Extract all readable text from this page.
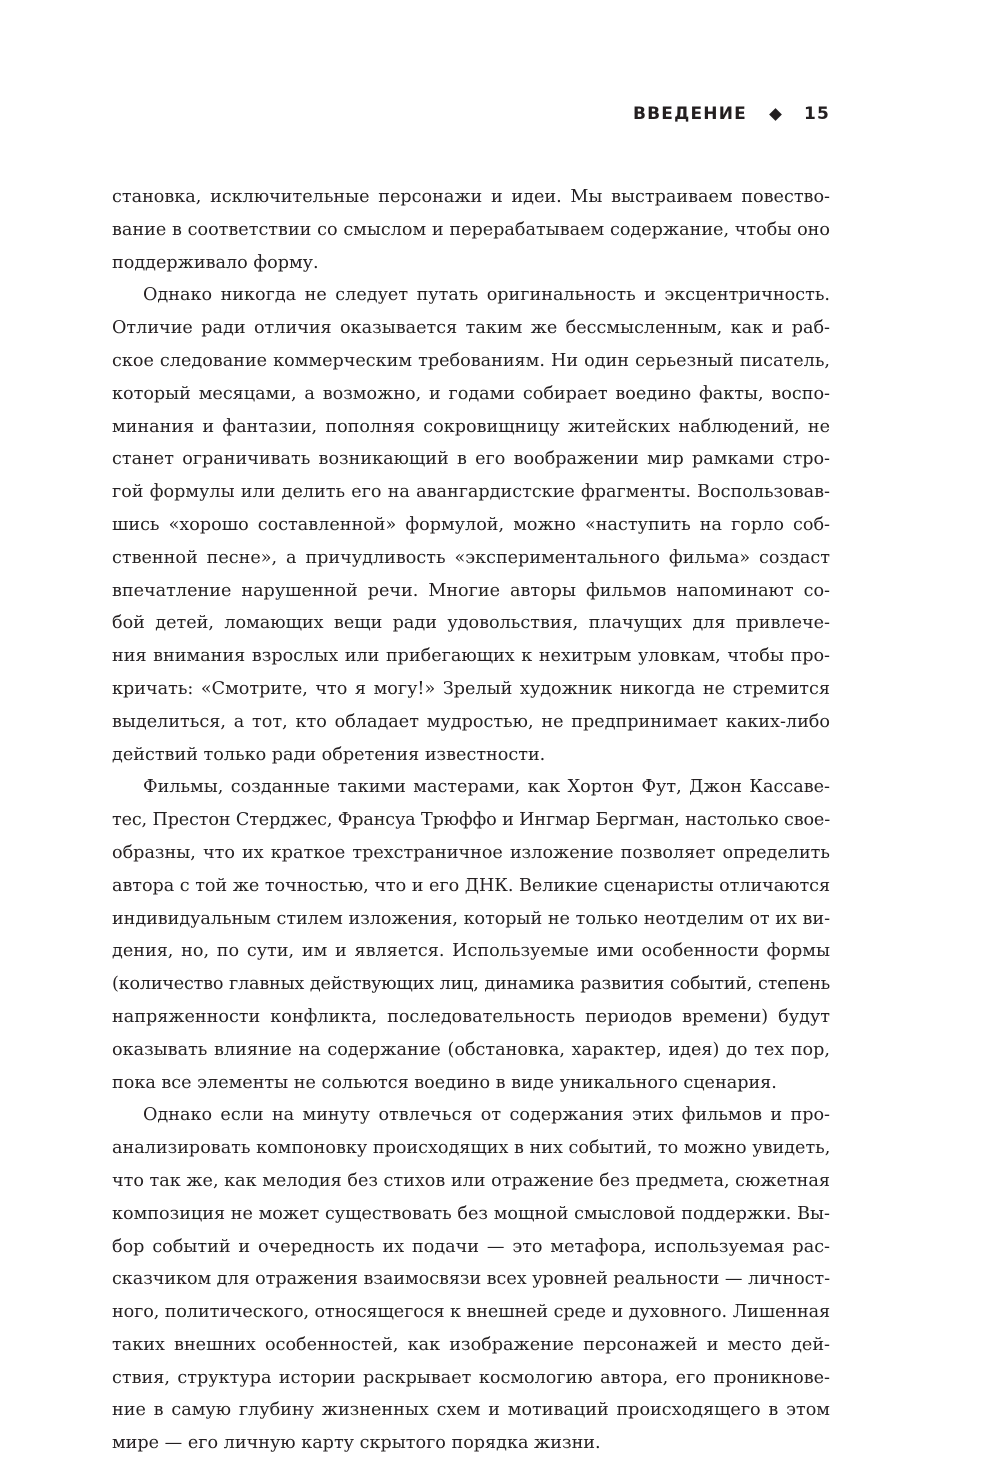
ВВЕДЕНИЕ	15
становка, исключительные персонажи и идеи. Мы выстраиваем повество-
вание в соответствии со смыслом и перерабатываем содержание, чтобы оно
поддерживало форму.
Однако никогда не следует путать оригинальность и эксцентричность.
Отличие ради отличия оказывается таким же бессмысленным, как и раб-
ское следование коммерческим требованиям. Ни один серьезный писатель,
который месяцами, а возможно, и годами собирает воедино факты, воспо-
минания и фантазии, пополняя сокровищницу житейских наблюдений, не
станет ограничивать возникающий в его воображении мир рамками стро-
гой формулы или делить его на авангардистские фрагменты. Воспользовав-
шись «хорошо составленной» формулой, можно «наступить на горло соб-
ственной песне», а причудливость «экспериментального фильма» создаст
впечатление нарушенной речи. Многие авторы фильмов напоминают со-
бой детей, ломающих вещи ради удовольствия, плачущих для привлече-
ния внимания взрослых или прибегающих к нехитрым уловкам, чтобы про-
кричать: «Смотрите, что я могу!» Зрелый художник никогда не стремится
выделиться, а тот, кто обладает мудростью, не предпринимает каких-либо
действий только ради обретения известности.
Фильмы, созданные такими мастерами, как Хортон Фут, Джон Кассаве-
тес, Престон Стерджес, Франсуа Трюффо и Ингмар Бергман, настолько свое-
образны, что их краткое трехстраничное изложение позволяет определить
автора с той же точностью, что и его ДНК. Великие сценаристы отличаются
индивидуальным стилем изложения, который не только неотделим от их ви-
дения, но, по сути, им и является. Используемые ими особенности формы
(количество главных действующих лиц, динамика развития событий, степень
напряженности конфликта, последовательность периодов времени) будут
оказывать влияние на содержание (обстановка, характер, идея) до тех пор,
пока все элементы не сольются воедино в виде уникального сценария.
Однако если на минуту отвлечься от содержания этих фильмов и про-
анализировать компоновку происходящих в них событий, то можно увидеть,
что так же, как мелодия без стихов или отражение без предмета, сюжетная
композиция не может существовать без мощной смысловой поддержки. Вы-
бор событий и очередность их подачи — это метафора, используемая рас-
сказчиком для отражения взаимосвязи всех уровней реальности — личност-
ного, политического, относящегося к внешней среде и духовного. Лишенная
таких внешних особенностей, как изображение персонажей и место дей-
ствия, структура истории раскрывает космологию автора, его проникнове-
ние в самую глубину жизненных схем и мотиваций происходящего в этом
мире — его личную карту скрытого порядка жизни.
